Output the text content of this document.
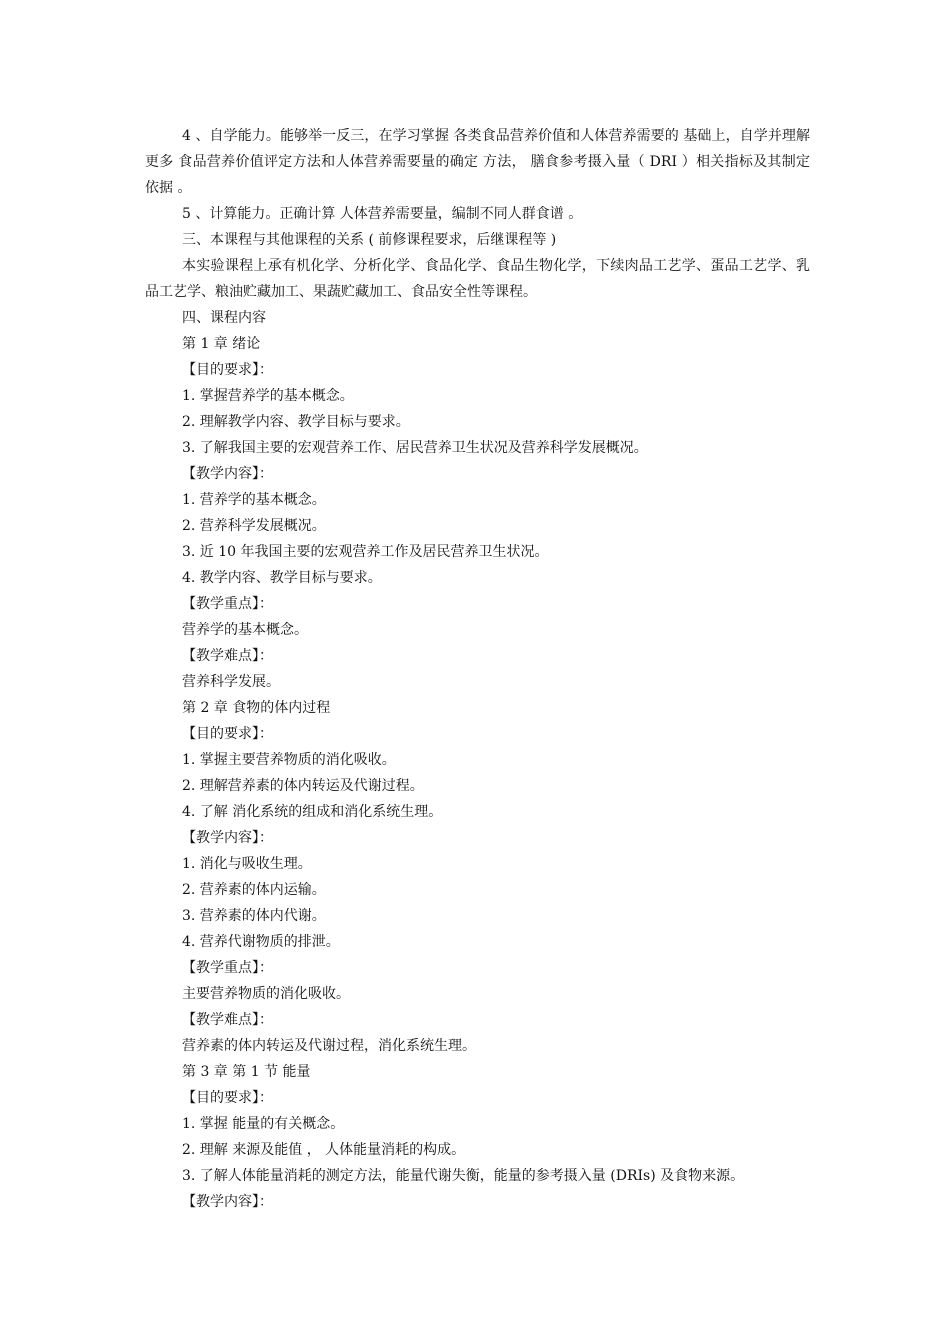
4 、自学能力。能够举一反三，在学习掌握 各类食品营养价值和人体营养需要的 基础上，自学并理解更多 食品营养价值评定方法和人体营养需要量的确定 方法， 膳食参考摄入量（ DRI ）相关指标及其制定依据 。

5 、计算能力。正确计算 人体营养需要量，编制不同人群食谱 。

三、本课程与其他课程的关系 ( 前修课程要求，后继课程等 )

本实验课程上承有机化学、分析化学、食品化学、食品生物化学，下续肉品工艺学、蛋品工艺学、乳品工艺学、粮油贮藏加工、果蔬贮藏加工、食品安全性等课程。

四、课程内容

第 1 章 绪论

【目的要求】：

1. 掌握营养学的基本概念。

2. 理解教学内容、教学目标与要求。

3. 了解我国主要的宏观营养工作、居民营养卫生状况及营养科学发展概况。

【教学内容】：

1. 营养学的基本概念。

2. 营养科学发展概况。

3. 近 10 年我国主要的宏观营养工作及居民营养卫生状况。

4. 教学内容、教学目标与要求。

【教学重点】：

营养学的基本概念。

【教学难点】：

营养科学发展。

第 2 章 食物的体内过程

【目的要求】：

1. 掌握主要营养物质的消化吸收。

2. 理解营养素的体内转运及代谢过程。

4. 了解 消化系统的组成和消化系统生理。

【教学内容】：

1. 消化与吸收生理。

2. 营养素的体内运输。

3. 营养素的体内代谢。

4. 营养代谢物质的排泄。

【教学重点】：

主要营养物质的消化吸收。

【教学难点】：

营养素的体内转运及代谢过程，消化系统生理。

第 3 章 第 1 节 能量

【目的要求】：

1. 掌握 能量的有关概念。

2. 理解 来源及能值 ， 人体能量消耗的构成。

3. 了解人体能量消耗的测定方法，能量代谢失衡，能量的参考摄入量 (DRIs) 及食物来源。

【教学内容】：
